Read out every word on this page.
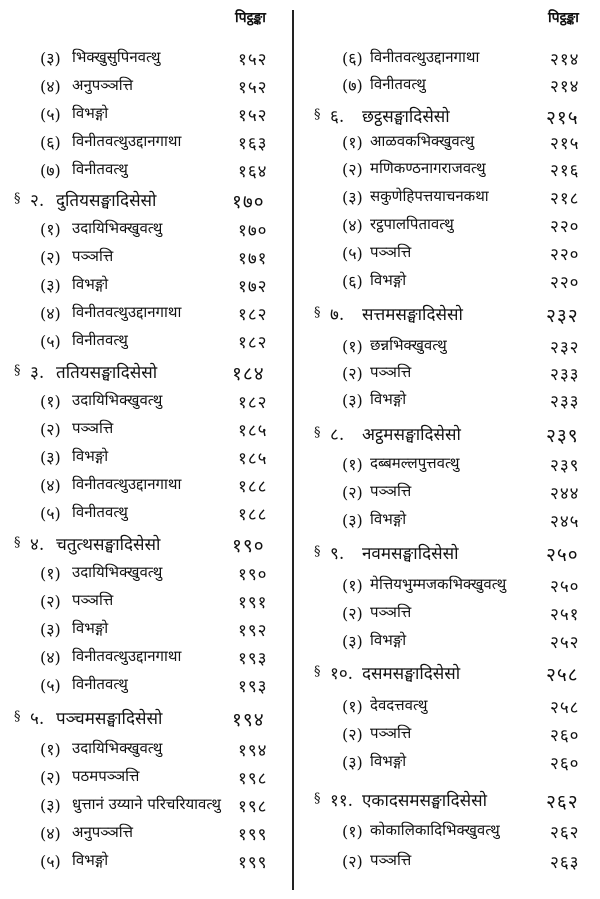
पिट्ठङ्का
(३) भिक्खुसुपिनवत्थु	१५२
(४) अनुपञ्ञत्ति	१५२
(५) विभङ्गो	१५२
(६) विनीतवत्थुउद्दानगाथा	१६३
(७) विनीतवत्थु	१६४
§ २. दुतियसङ्घादिसेसो	१७०
(१) उदायिभिक्खुवत्थु	१७०
(२) पञ्ञत्ति	१७१
(३) विभङ्गो	१७२
(४) विनीतवत्थुउद्दानगाथा	१८२
(५) विनीतवत्थु	१८२
§ ३. ततियसङ्घादिसेसो	१८४
(१) उदायिभिक्खुवत्थु	१८२
(२) पञ्ञत्ति	१८५
(३) विभङ्गो	१८५
(४) विनीतवत्थुउद्दानगाथा	१८८
(५) विनीतवत्थु	१८८
§ ४. चतुत्थसङ्घादिसेसो	१९०
(१) उदायिभिक्खुवत्थु	१९०
(२) पञ्ञत्ति	१९१
(३) विभङ्गो	१९२
(४) विनीतवत्थुउद्दानगाथा	१९३
(५) विनीतवत्थु	१९३
§ ५. पञ्चमसङ्घादिसेसो	१९४
(१) उदायिभिक्खुवत्थु	१९४
(२) पठमपञ्ञत्ति	१९८
(३) धुत्तानं उय्याने परिचरियावत्थु १९८
(४) अनुपञ्ञत्ति	१९९
(५) विभङ्गो	१९९
पिट्ठङ्का
(६) विनीतवत्थुउद्दानगाथा	२१४
(७) विनीतवत्थु	२१४
§ ६. छट्ठसङ्घादिसेसो	२१५
(१) आळवकभिक्खुवत्थु	२१५
(२) मणिकण्ठनागराजवत्थु	२१६
(३) सकुणेहिपत्तयाचनकथा	२१८
(४) रट्ठपालपितावत्थु	२२०
(५) पञ्ञत्ति	२२०
(६) विभङ्गो	२२०
§ ७. सत्तमसङ्घादिसेसो	२३२
(१) छन्नभिक्खुवत्थु	२३२
(२) पञ्ञत्ति	२३३
(३) विभङ्गो	२३३
§ ८. अट्ठमसङ्घादिसेसो	२३९
(१) दब्बमल्लपुत्तवत्थु	२३९
(२) पञ्ञत्ति	२४४
(३) विभङ्गो	२४५
§ ९. नवमसङ्घादिसेसो	२५०
(१) मेत्तियभुम्मजकभिक्खुवत्थु	२५०
(२) पञ्ञत्ति	२५१
(३) विभङ्गो	२५२
§ १०. दसमसङ्घादिसेसो	२५८
(१) देवदत्तवत्थु	२५८
(२) पञ्ञत्ति	२६०
(३) विभङ्गो	२६०
§ ११. एकादसमसङ्घादिसेसो	२६२
(१) कोकालिकादिभिक्खुवत्थु	२६२
(२) पञ्ञत्ति	२६३
